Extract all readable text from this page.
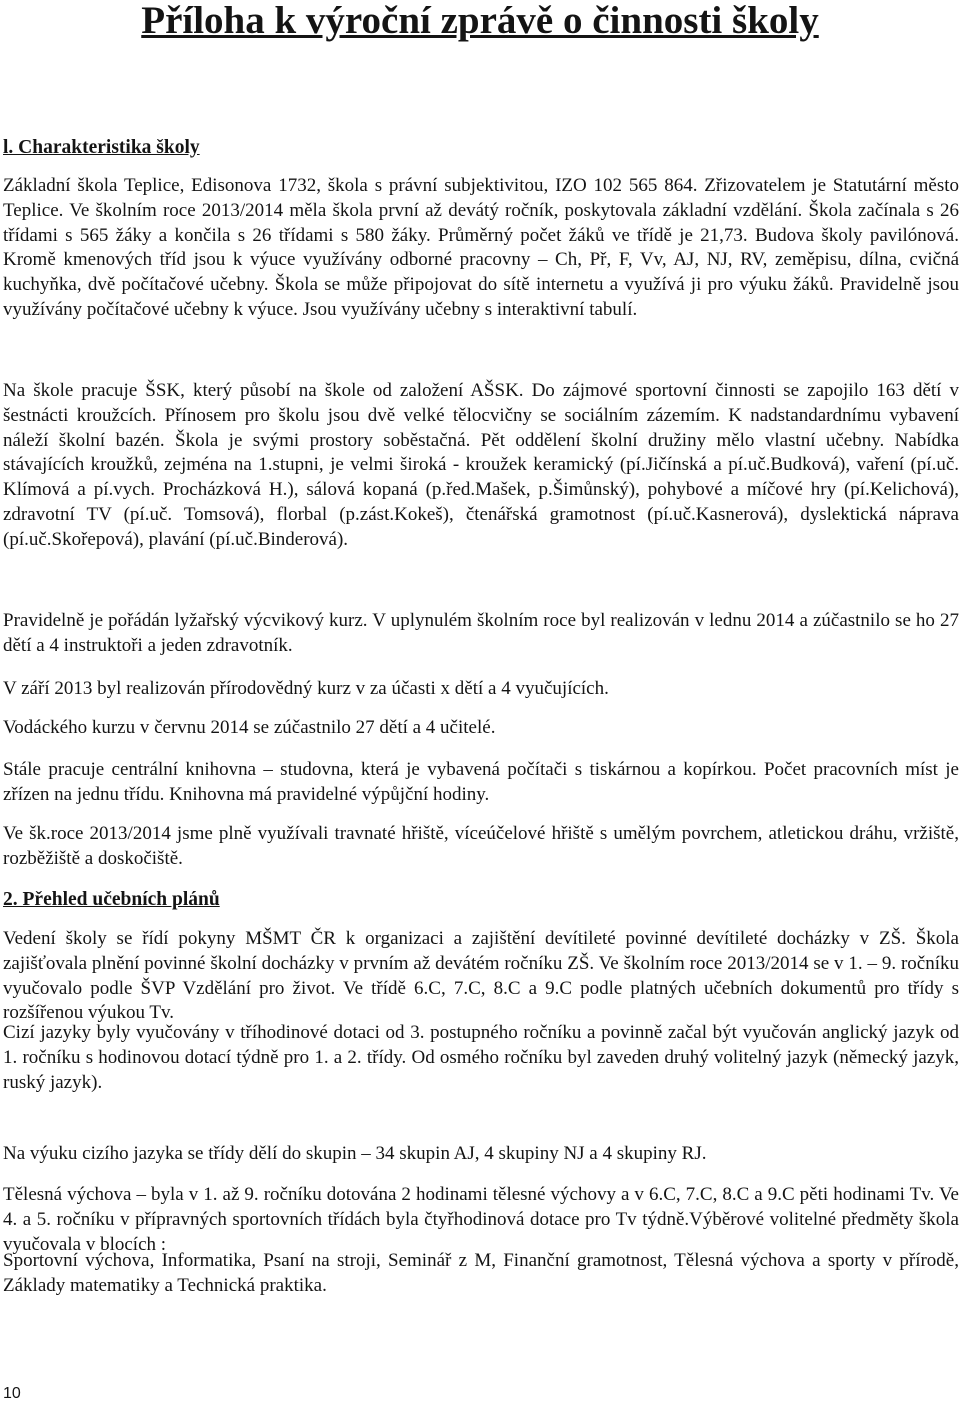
Příloha k výroční zprávě o činnosti školy
l. Charakteristika školy

Základní škola Teplice, Edisonova 1732, škola s právní subjektivitou, IZO 102 565 864. Zřizovatelem je Statutární město Teplice. Ve školním roce 2013/2014 měla škola první až devátý ročník, poskytovala základní vzdělání. Škola začínala s 26 třídami s 565 žáky a končila s 26 třídami s 580 žáky. Průměrný počet žáků ve třídě je 21,73. Budova školy pavilónová. Kromě kmenových tříd jsou k výuce využívány odborné pracovny – Ch, Př, F, Vv, AJ, NJ, RV, zeměpisu, dílna, cvičná kuchyňka, dvě počítačové učebny. Škola se může připojovat do sítě internetu a využívá ji pro výuku žáků. Pravidelně jsou využívány počítačové učebny k výuce. Jsou využívány učebny s interaktivní tabulí.

Na škole pracuje ŠSK, který působí na škole od založení AŠSK. Do zájmové sportovní činnosti se zapojilo 163 dětí v šestnácti kroužcích. Přínosem pro školu jsou dvě velké tělocvičny se sociálním zázemím. K nadstandardnímu vybavení náleží školní bazén. Škola je svými prostory soběstačná. Pět oddělení školní družiny mělo vlastní učebny. Nabídka stávajících kroužků, zejména na 1.stupni, je velmi široká - kroužek keramický (pí.Jičínská a pí.uč.Budková), vaření (pí.uč. Klímová a pí.vych. Procházková H.), sálová kopaná (p.řed.Mašek, p.Šimůnský), pohybové a míčové hry (pí.Kelichová), zdravotní TV (pí.uč. Tomsová), florbal (p.zást.Kokeš), čtenářská gramotnost (pí.uč.Kasnerová), dyslektická náprava (pí.uč.Skořepová), plavání (pí.uč.Binderová).

Pravidelně je pořádán lyžařský výcvikový kurz. V uplynulém školním roce byl realizován v lednu 2014 a zúčastnilo se ho 27 dětí a 4 instruktoři a jeden zdravotník.

V září 2013 byl realizován přírodovědný kurz v za účasti x dětí a 4 vyučujících.

Vodáckého kurzu v červnu 2014 se zúčastnilo 27 dětí a 4 učitelé.

Stále pracuje centrální knihovna – studovna, která je vybavená počítači s tiskárnou a kopírkou. Počet pracovních míst je zřízen na jednu třídu. Knihovna má pravidelné výpůjční hodiny.

Ve šk.roce 2013/2014 jsme plně využívali travnaté hřiště, víceúčelové hřiště s umělým povrchem, atletickou dráhu, vržiště, rozběžiště a doskočiště.

2. Přehled učebních plánů

Vedení školy se řídí pokyny MŠMT ČR k organizaci a zajištění devítileté povinné devítileté docházky v ZŠ. Škola zajišťovala plnění povinné školní docházky v prvním až devátém ročníku ZŠ. Ve školním roce 2013/2014 se v 1. – 9. ročníku vyučovalo podle ŠVP Vzdělání pro život. Ve třídě 6.C, 7.C, 8.C a 9.C podle platných učebních dokumentů pro třídy s rozšířenou výukou Tv.

Cizí jazyky byly vyučovány v tříhodinové dotaci od 3. postupného ročníku a povinně začal být vyučován anglický jazyk od 1. ročníku s hodinovou dotací týdně pro 1. a 2. třídy. Od osmého ročníku byl zaveden druhý volitelný jazyk (německý jazyk, ruský jazyk).

Na výuku cizího jazyka se třídy dělí do skupin – 34 skupin AJ, 4 skupiny NJ a 4 skupiny RJ.

Tělesná výchova – byla v 1. až 9. ročníku dotována 2 hodinami tělesné výchovy a v 6.C, 7.C, 8.C a 9.C pěti hodinami Tv. Ve 4. a 5. ročníku v přípravných sportovních třídách byla čtyřhodinová dotace pro Tv týdně.Výběrové volitelné předměty škola vyučovala v blocích :

Sportovní výchova, Informatika, Psaní na stroji, Seminář z M, Finanční gramotnost, Tělesná výchova a sporty v přírodě, Základy matematiky a Technická praktika.

10
